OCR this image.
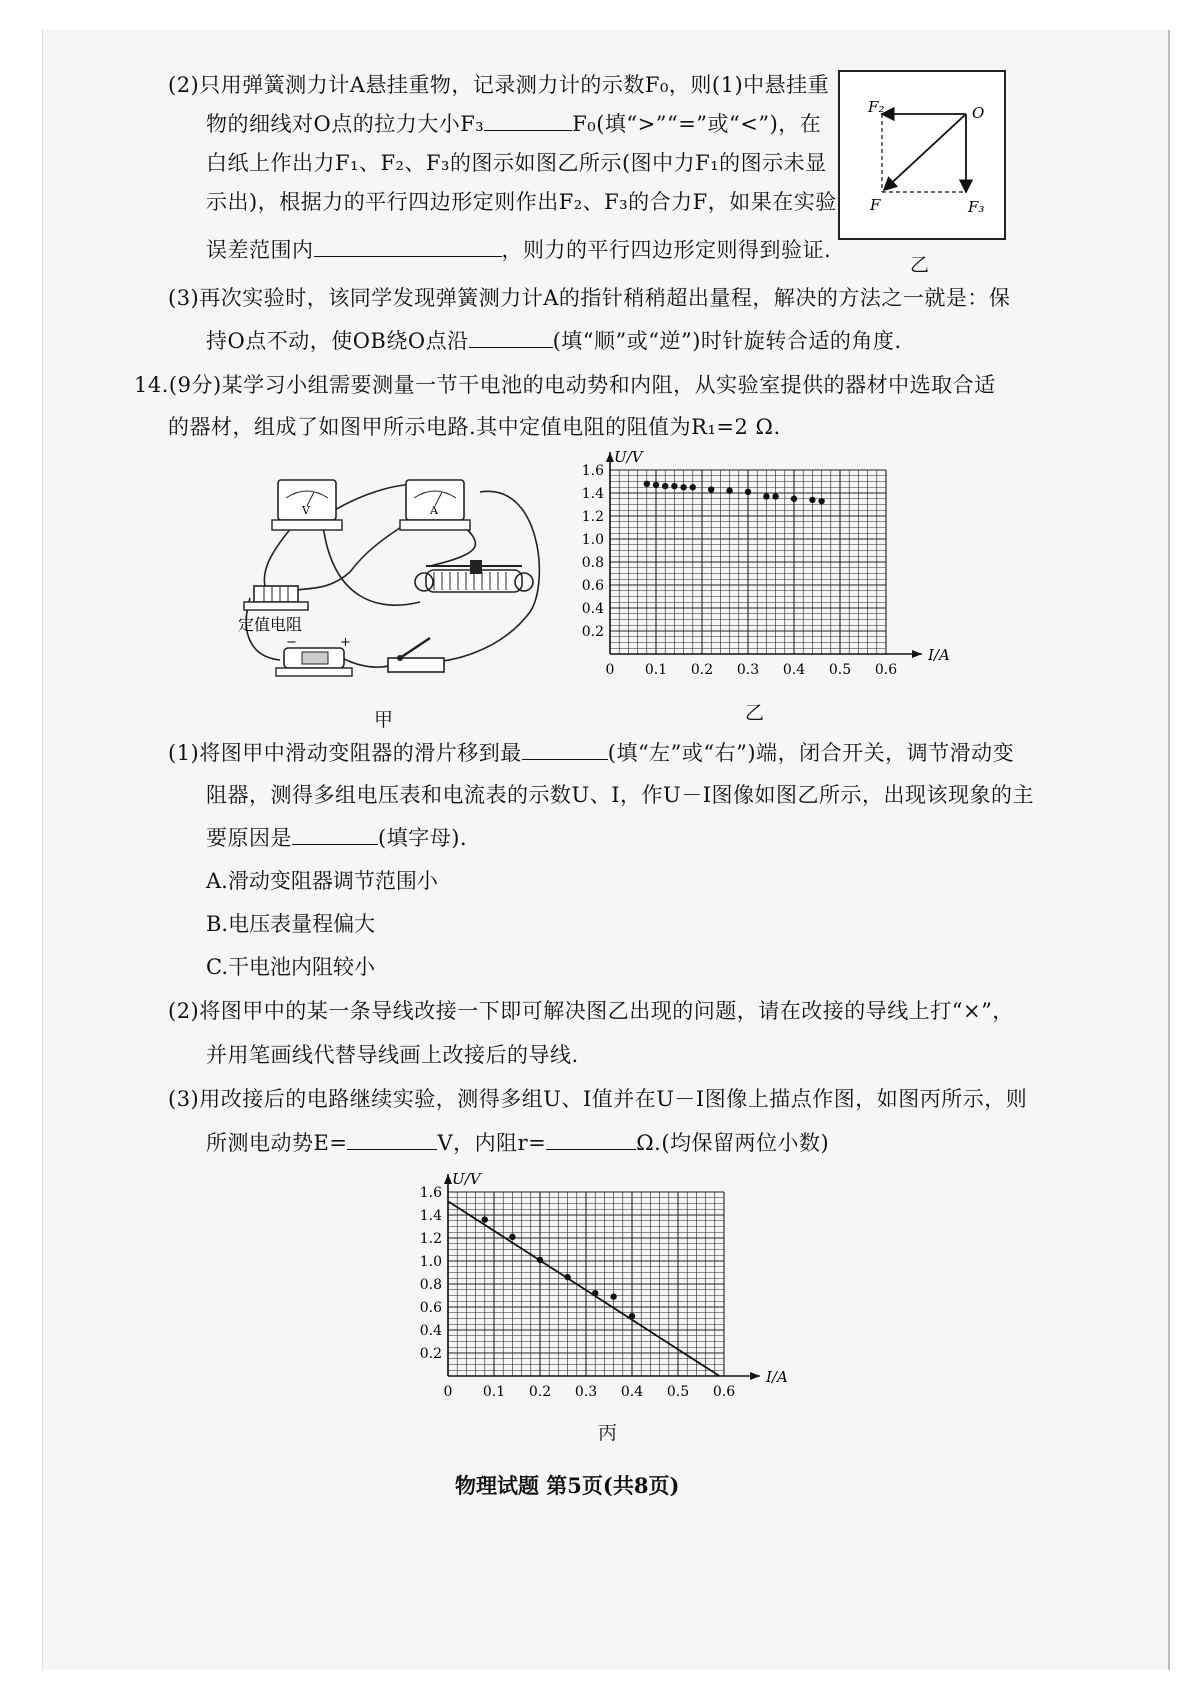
(2)只用弹簧测力计A悬挂重物，记录测力计的示数F₀，则(1)中悬挂重
物的细线对O点的拉力大小F₃	F₀(填“>”“=”或“<”)，在
白纸上作出力F₁、F₂、F₃的图示如图乙所示(图中力F₁的图示未显
示出)，根据力的平行四边形定则作出F₂、F₃的合力F，如果在实验
误差范围内	，则力的平行四边形定则得到验证.
F₂	O
F	F₃
乙
(3)再次实验时，该同学发现弹簧测力计A的指针稍稍超出量程，解决的方法之一就是：保
持O点不动，使OB绕O点沿	(填“顺”或“逆”)时针旋转合适的角度.
14.(9分)某学习小组需要测量一节干电池的电动势和内阻，从实验室提供的器材中选取合适
的器材，组成了如图甲所示电路.其中定值电阻的阻值为R₁=2 Ω.
V	A
定值电阻
−	+
甲
0 0.1 0.2 0.3 0.4 0.5 0.6
0.2
0.4
0.6
0.8
1.0
1.2
1.4
1.6
I/A
U/V
乙
(1)将图甲中滑动变阻器的滑片移到最	(填“左”或“右”)端，闭合开关，调节滑动变
阻器，测得多组电压表和电流表的示数U、I，作U－I图像如图乙所示，出现该现象的主
要原因是	(填字母).
A.滑动变阻器调节范围小
B.电压表量程偏大
C.干电池内阻较小
(2)将图甲中的某一条导线改接一下即可解决图乙出现的问题，请在改接的导线上打“×”，
并用笔画线代替导线画上改接后的导线.
(3)用改接后的电路继续实验，测得多组U、I值并在U－I图像上描点作图，如图丙所示，则
所测电动势E=	V，内阻r=	Ω.(均保留两位小数)
0 0.1 0.2 0.3 0.4 0.5 0.6
0.2
0.4
0.6
0.8
1.0
1.2
1.4
1.6
I/A
U/V
丙
物理试题 第5页(共8页)
